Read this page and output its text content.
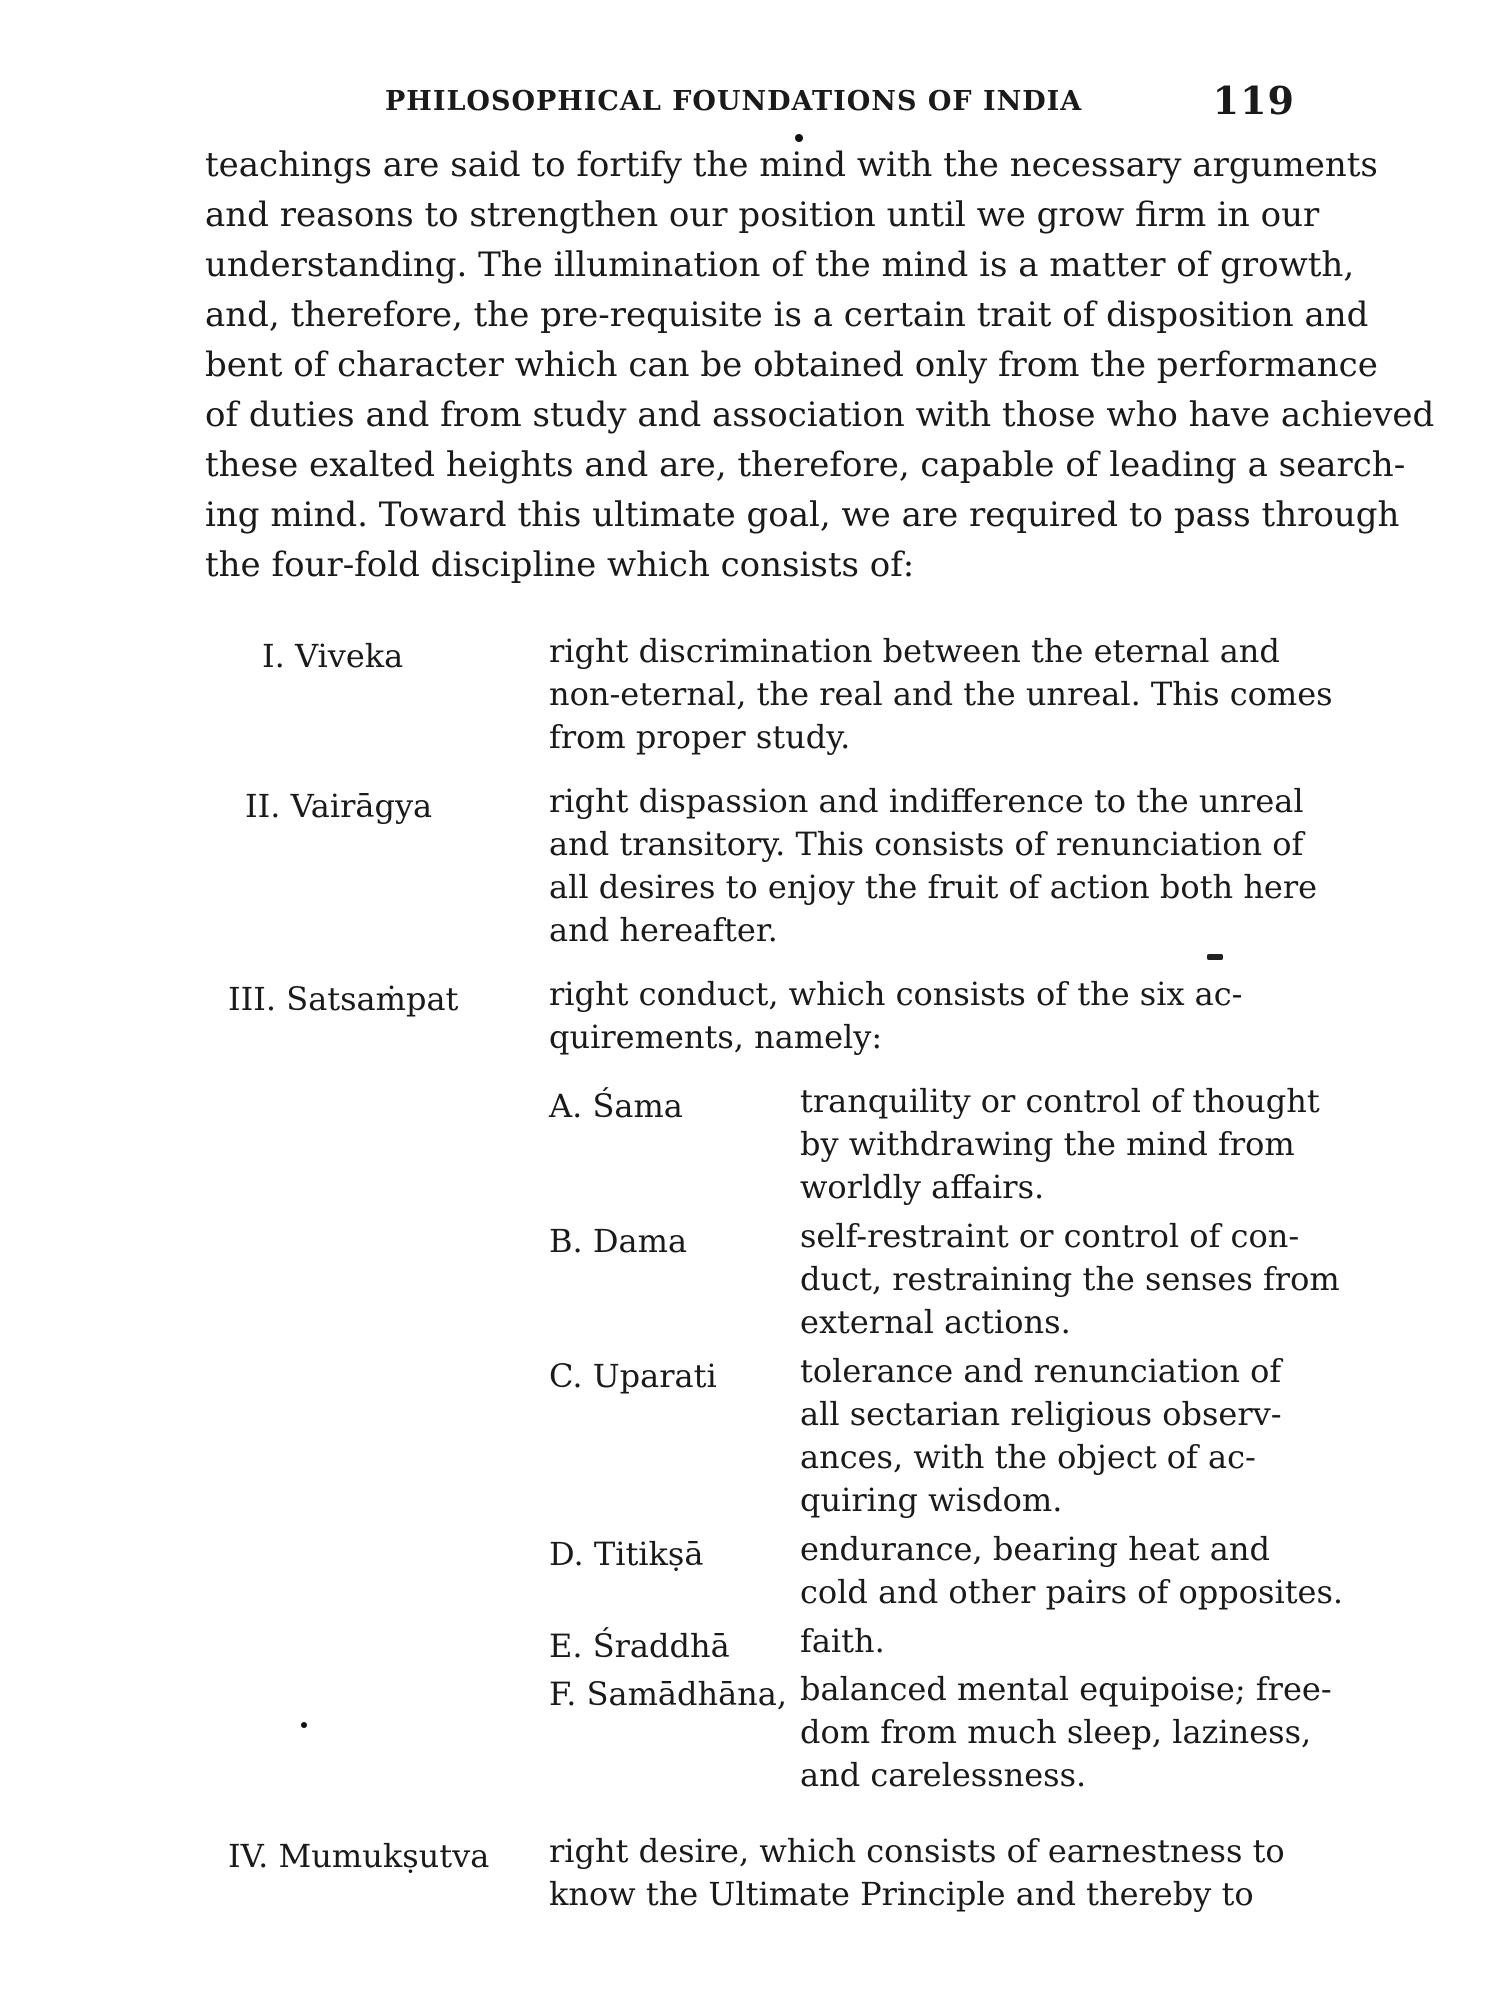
PHILOSOPHICAL FOUNDATIONS OF INDIA	119
teachings are said to fortify the mind with the necessary arguments
and reasons to strengthen our position until we grow firm in our
understanding. The illumination of the mind is a matter of growth,
and, therefore, the pre-requisite is a certain trait of disposition and
bent of character which can be obtained only from the performance
of duties and from study and association with those who have achieved
these exalted heights and are, therefore, capable of leading a search-
ing mind. Toward this ultimate goal, we are required to pass through
the four-fold discipline which consists of:
I. Viveka	right discrimination between the eternal and
non-eternal, the real and the unreal. This comes
from proper study.
II. Vairāgya	right dispassion and indifference to the unreal
and transitory. This consists of renunciation of
all desires to enjoy the fruit of action both here
and hereafter.
III. Satsaṁpat	right conduct, which consists of the six ac-
quirements, namely:
A. Śama	tranquility or control of thought
by withdrawing the mind from
worldly affairs.
B. Dama	self-restraint or control of con-
duct, restraining the senses from
external actions.
C. Uparati	tolerance and renunciation of
all sectarian religious observ-
ances, with the object of ac-
quiring wisdom.
D. Titikṣā	endurance, bearing heat and
cold and other pairs of opposites.
E. Śraddhā faith.
F. Samādhāna, balanced mental equipoise; free-
dom from much sleep, laziness,
and carelessness.
IV. Mumukṣutva right desire, which consists of earnestness to
know the Ultimate Principle and thereby to
